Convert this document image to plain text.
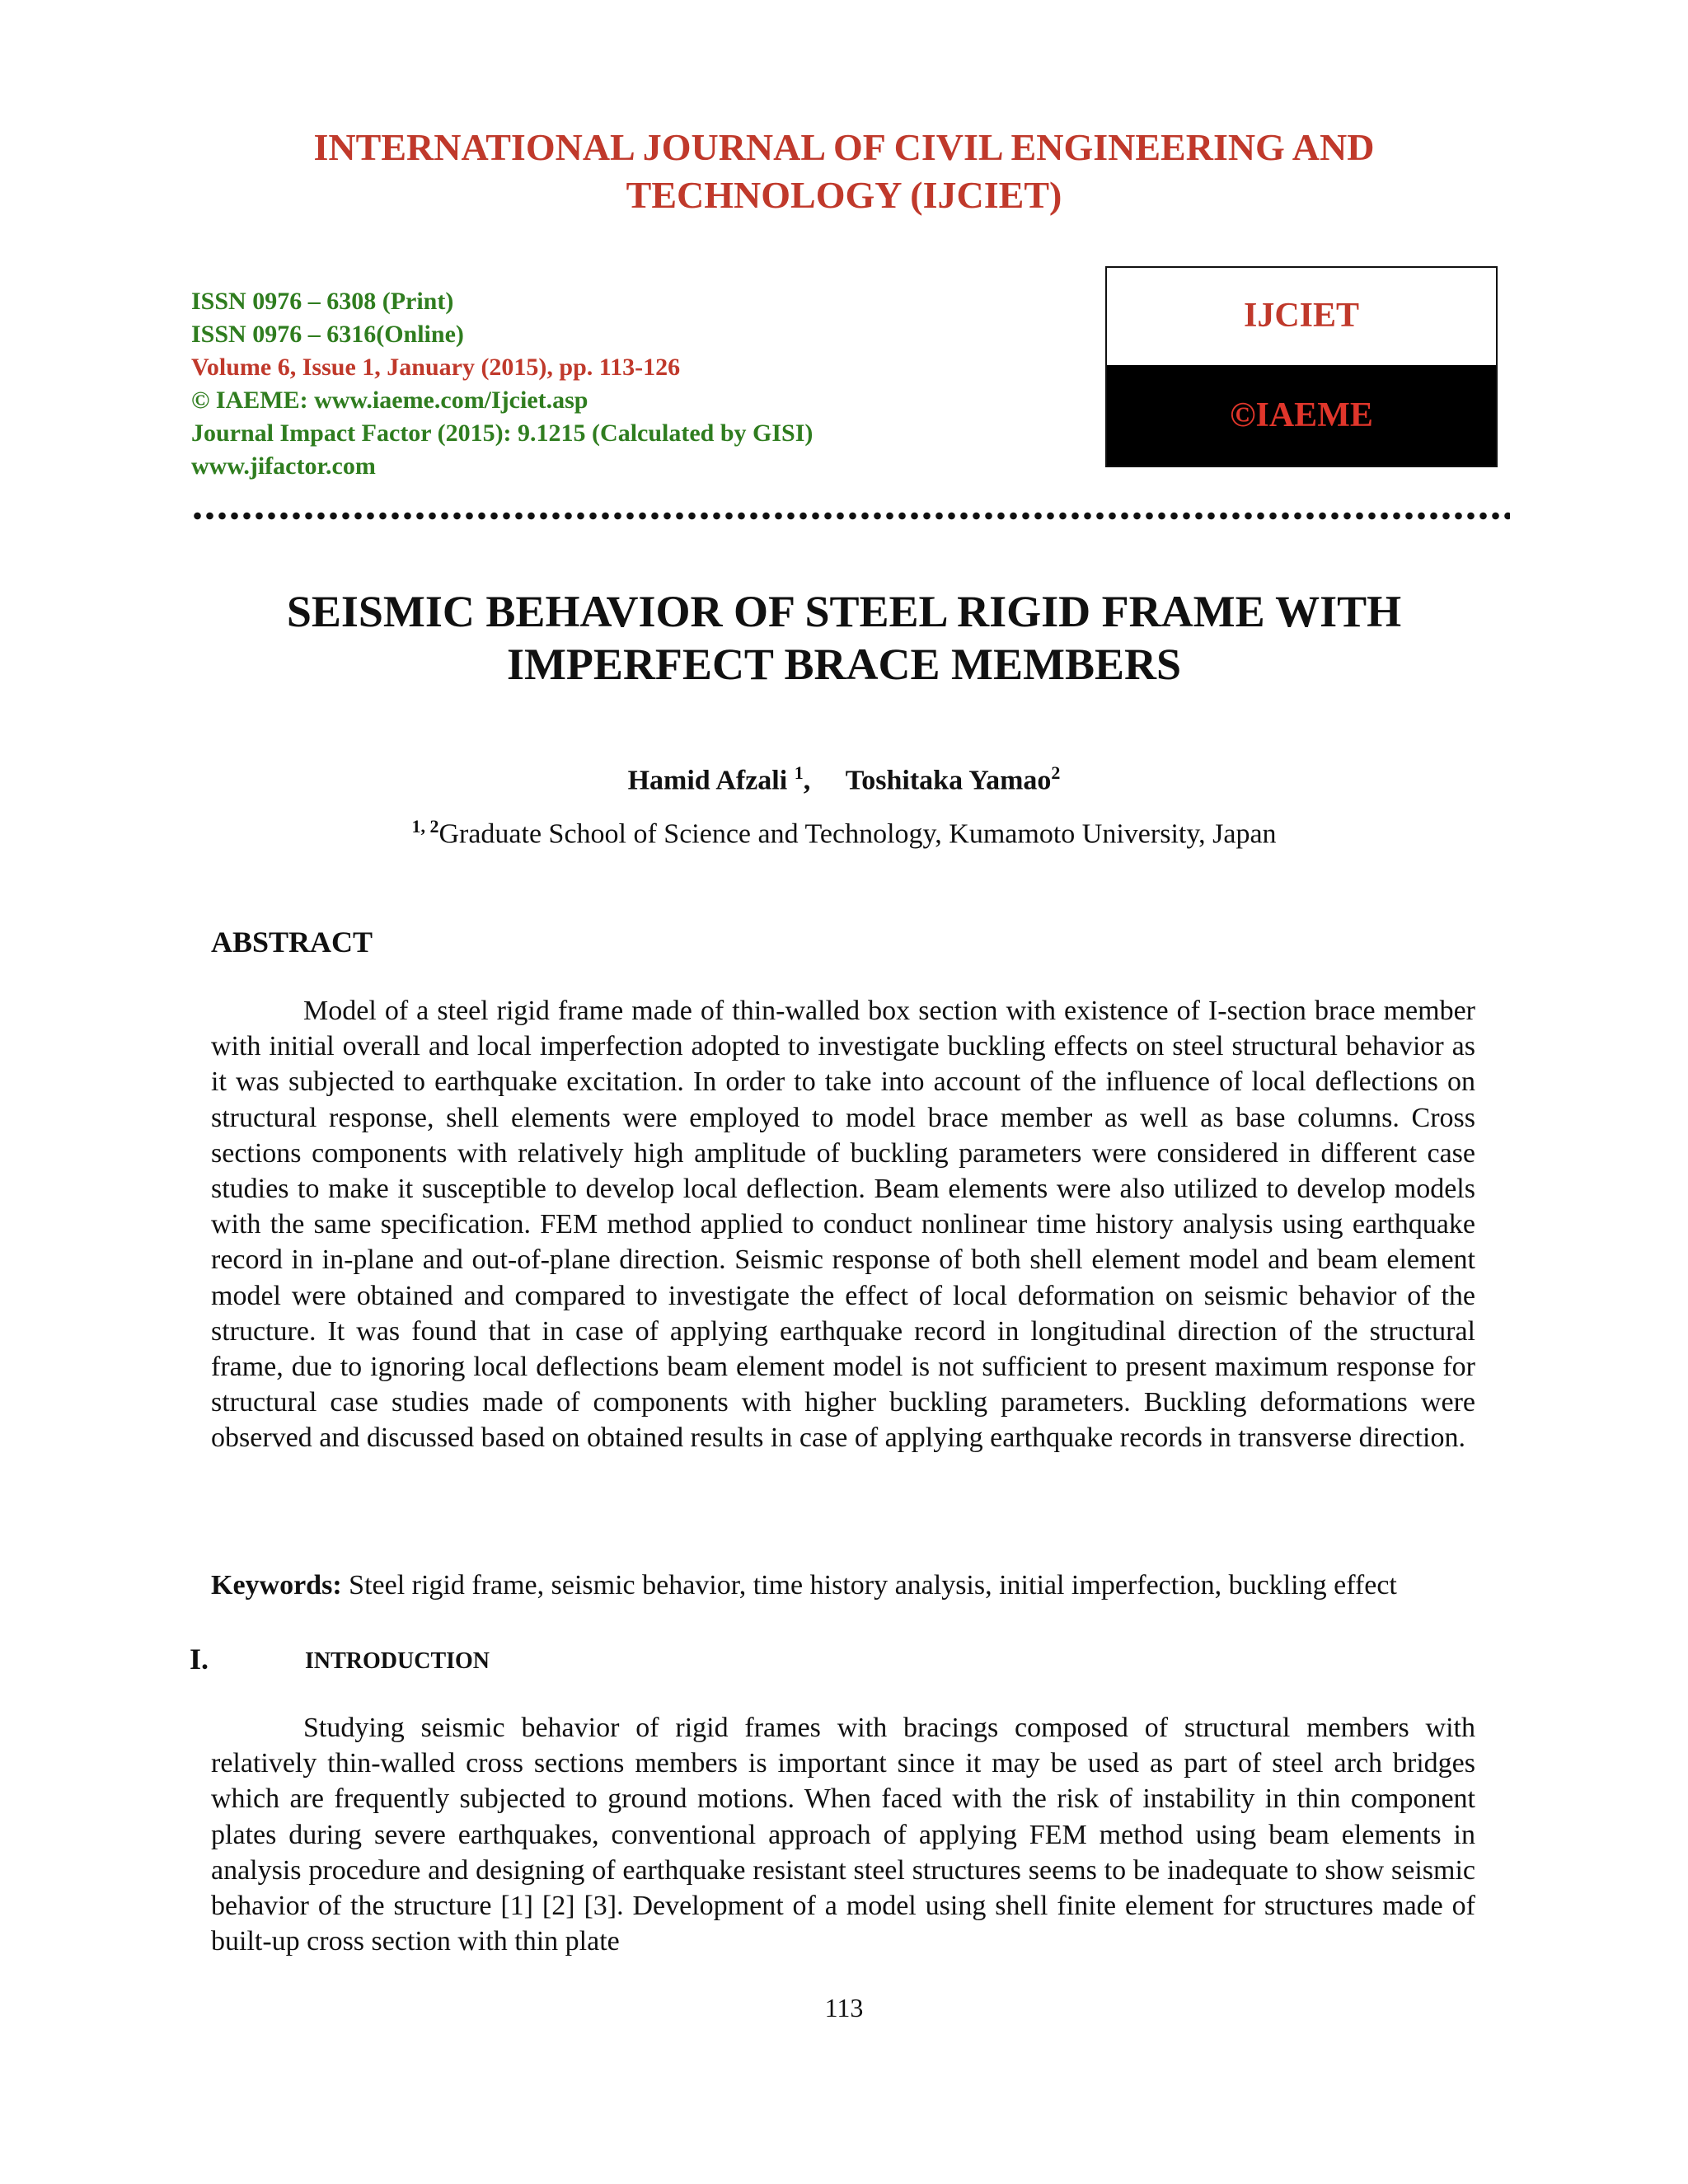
INTERNATIONAL JOURNAL OF CIVIL ENGINEERING AND
TECHNOLOGY (IJCIET)
ISSN 0976 – 6308 (Print)
ISSN 0976 – 6316(Online)
Volume 6, Issue 1, January (2015), pp. 113-126
© IAEME: www.iaeme.com/Ijciet.asp
Journal Impact Factor (2015): 9.1215 (Calculated by GISI)
www.jifactor.com
IJCIET
©IAEME
SEISMIC BEHAVIOR OF STEEL RIGID FRAME WITH
IMPERFECT BRACE MEMBERS
Hamid Afzali $^1$, Toshitaka Yamao$^2$
$^{1, 2}$Graduate School of Science and Technology, Kumamoto University, Japan
ABSTRACT

Model of a steel rigid frame made of thin-walled box section with existence of I-section brace member with initial overall and local imperfection adopted to investigate buckling effects on steel structural behavior as it was subjected to earthquake excitation. In order to take into account of the influence of local deflections on structural response, shell elements were employed to model brace member as well as base columns. Cross sections components with relatively high amplitude of buckling parameters were considered in different case studies to make it susceptible to develop local deflection. Beam elements were also utilized to develop models with the same specification. FEM method applied to conduct nonlinear time history analysis using earthquake record in in-plane and out-of-plane direction. Seismic response of both shell element model and beam element model were obtained and compared to investigate the effect of local deformation on seismic behavior of the structure. It was found that in case of applying earthquake record in longitudinal direction of the structural frame, due to ignoring local deflections beam element model is not sufficient to present maximum response for structural case studies made of components with higher buckling parameters. Buckling deformations were observed and discussed based on obtained results in case of applying earthquake records in transverse direction.

Keywords: Steel rigid frame, seismic behavior, time history analysis, initial imperfection, buckling effect

I.	INTRODUCTION

Studying seismic behavior of rigid frames with bracings composed of structural members with relatively thin-walled cross sections members is important since it may be used as part of steel arch bridges which are frequently subjected to ground motions. When faced with the risk of instability in thin component plates during severe earthquakes, conventional approach of applying FEM method using beam elements in analysis procedure and designing of earthquake resistant steel structures seems to be inadequate to show seismic behavior of the structure [1] [2] [3]. Development of a model using shell finite element for structures made of built-up cross section with thin plate

113
